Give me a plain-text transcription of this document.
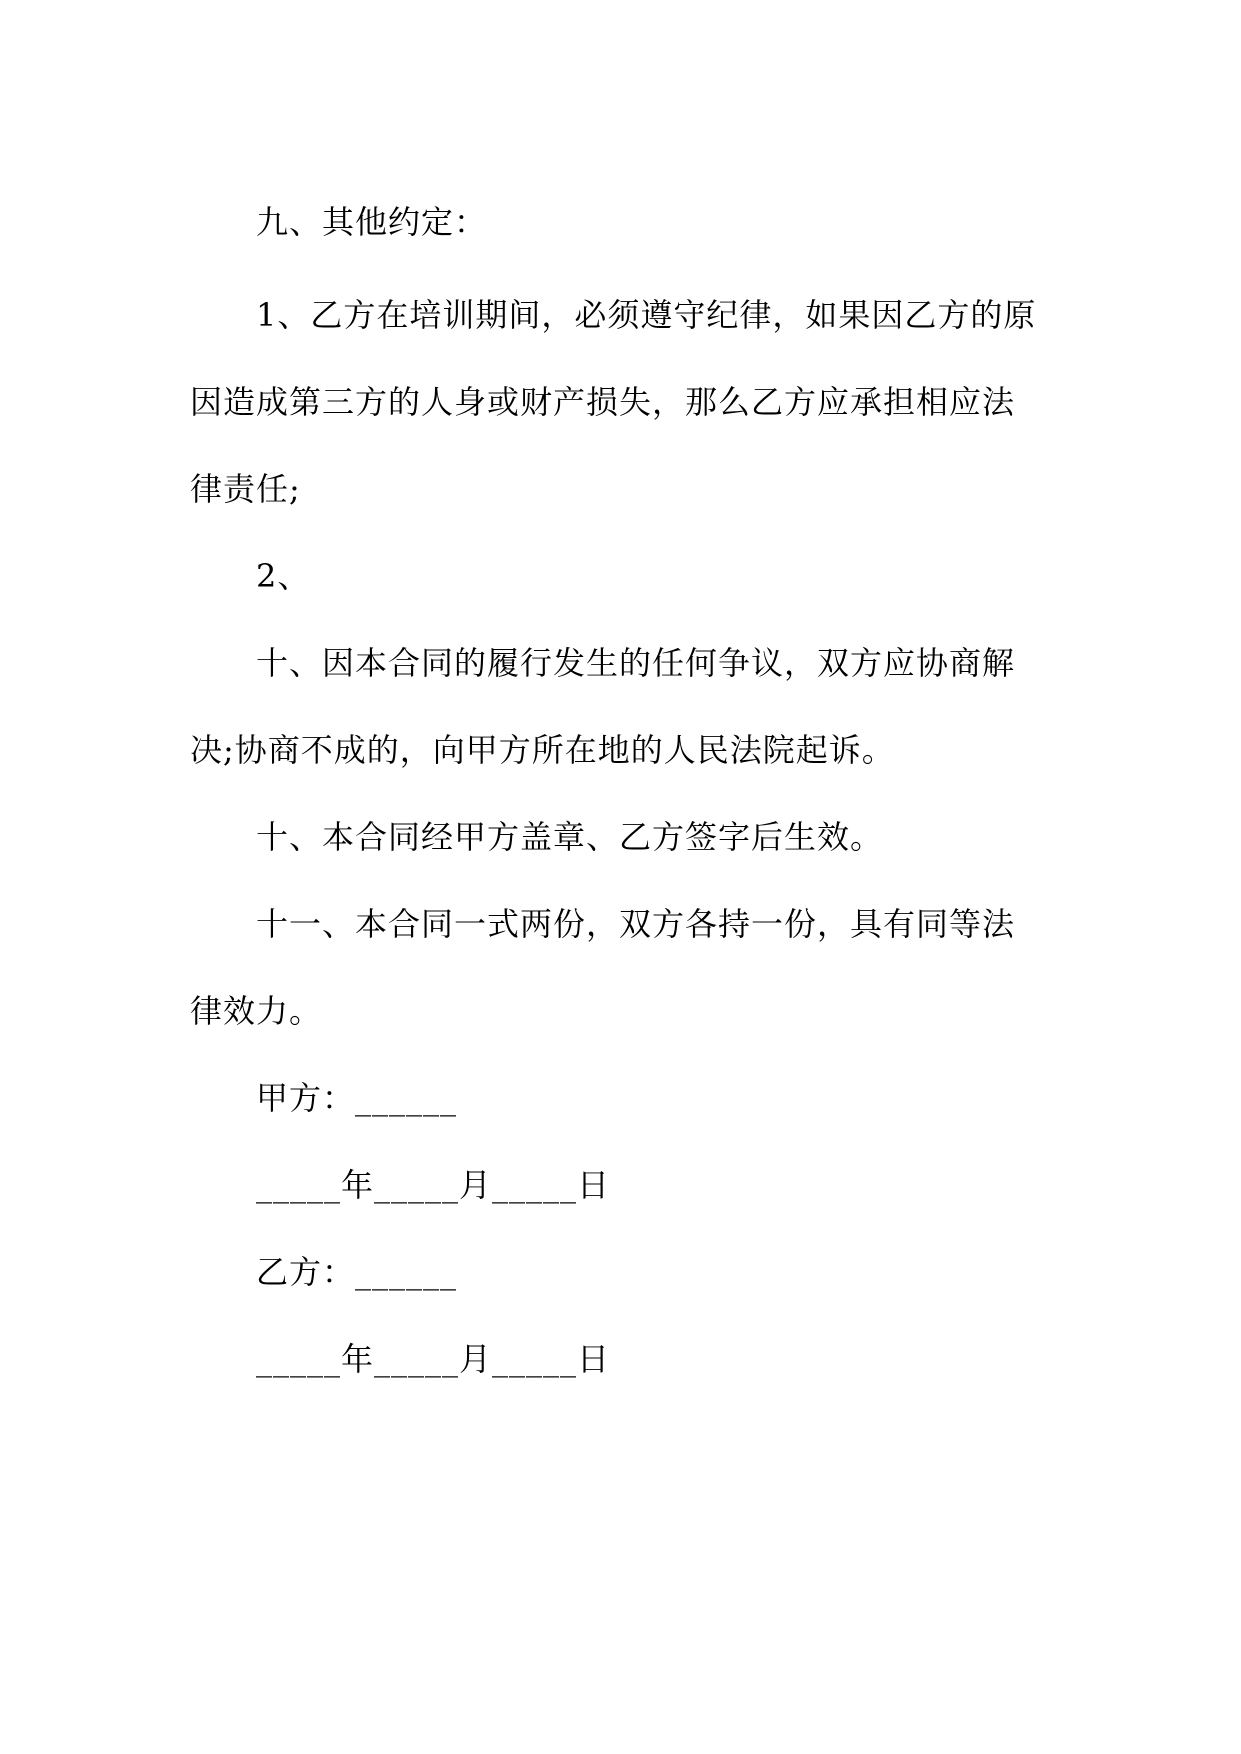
九、其他约定：
1、乙方在培训期间，必须遵守纪律，如果因乙方的原
因造成第三方的人身或财产损失，那么乙方应承担相应法
律责任;
2、
十、因本合同的履行发生的任何争议，双方应协商解
决;协商不成的，向甲方所在地的人民法院起诉。
十、本合同经甲方盖章、乙方签字后生效。
十一、本合同一式两份，双方各持一份，具有同等法
律效力。
甲方：______
_____年_____月_____日
乙方：______
_____年_____月_____日
